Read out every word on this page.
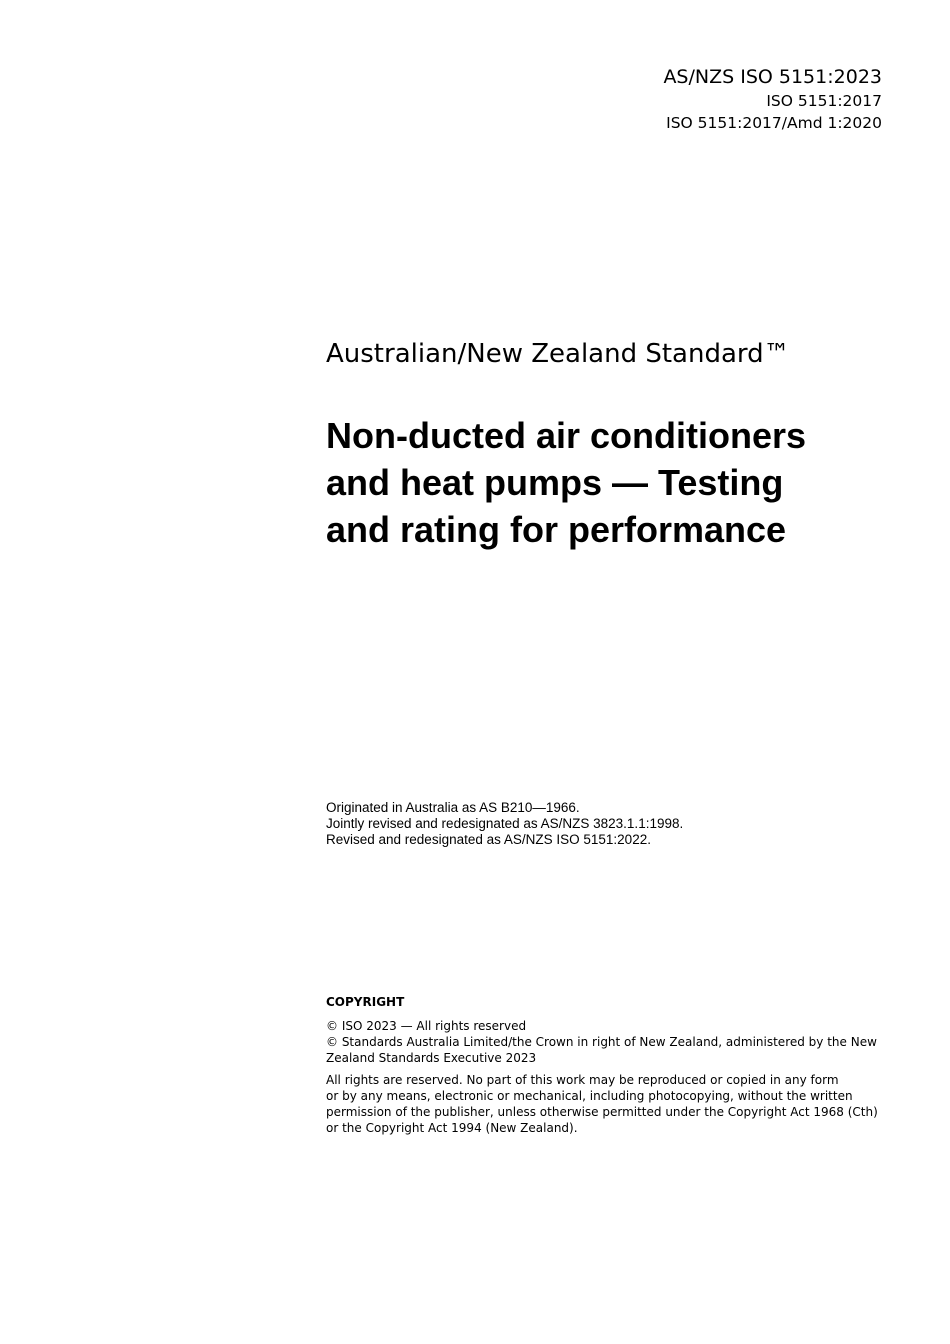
AS/NZS ISO 5151:2023
ISO 5151:2017
ISO 5151:2017/Amd 1:2020
Australian/New Zealand Standard™
Non-ducted air conditioners
and heat pumps — Testing
and rating for performance
Originated in Australia as AS B210—1966.
Jointly revised and redesignated as AS/NZS 3823.1.1:1998.
Revised and redesignated as AS/NZS ISO 5151:2022.
COPYRIGHT
© ISO 2023 — All rights reserved
© Standards Australia Limited/the Crown in right of New Zealand, administered by the New
Zealand Standards Executive 2023
All rights are reserved. No part of this work may be reproduced or copied in any form
or by any means, electronic or mechanical, including photocopying, without the written
permission of the publisher, unless otherwise permitted under the Copyright Act 1968 (Cth)
or the Copyright Act 1994 (New Zealand).
